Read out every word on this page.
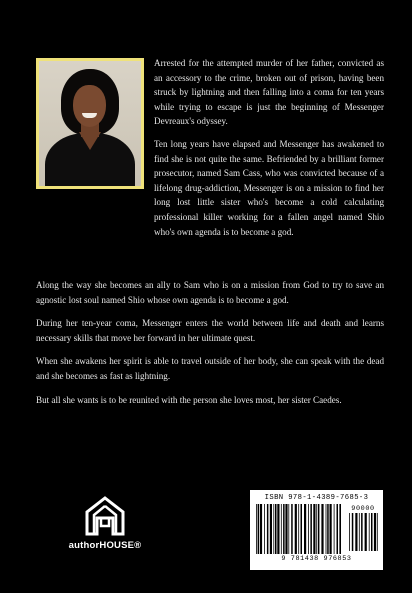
Arrested for the attempted murder of her father, convicted as an accessory to the crime, broken out of prison, having been struck by lightning and then falling into a coma for ten years while trying to escape is just the beginning of Messenger Devreaux's odyssey.

Ten long years have elapsed and Messenger has awakened to find she is not quite the same. Befriended by a brilliant former prosecutor, named Sam Cass, who was convicted because of a lifelong drug-addiction, Messenger is on a mission to find her long lost little sister who's become a cold calculating professional killer working for a fallen angel named Shio who's own agenda is to become a god.

Along the way she becomes an ally to Sam who is on a mission from God to try to save an agnostic lost soul named Shio whose own agenda is to become a god.

During her ten-year coma, Messenger enters the world between life and death and learns necessary skills that move her forward in her ultimate quest.

When she awakens her spirit is able to travel outside of her body, she can speak with the dead and she becomes as fast as lightning.

But all she wants is to be reunited with the person she loves most, her sister Caedes.

authorHOUSE®
ISBN 978-1-4389-7685-3
90000
9 781438 976853
